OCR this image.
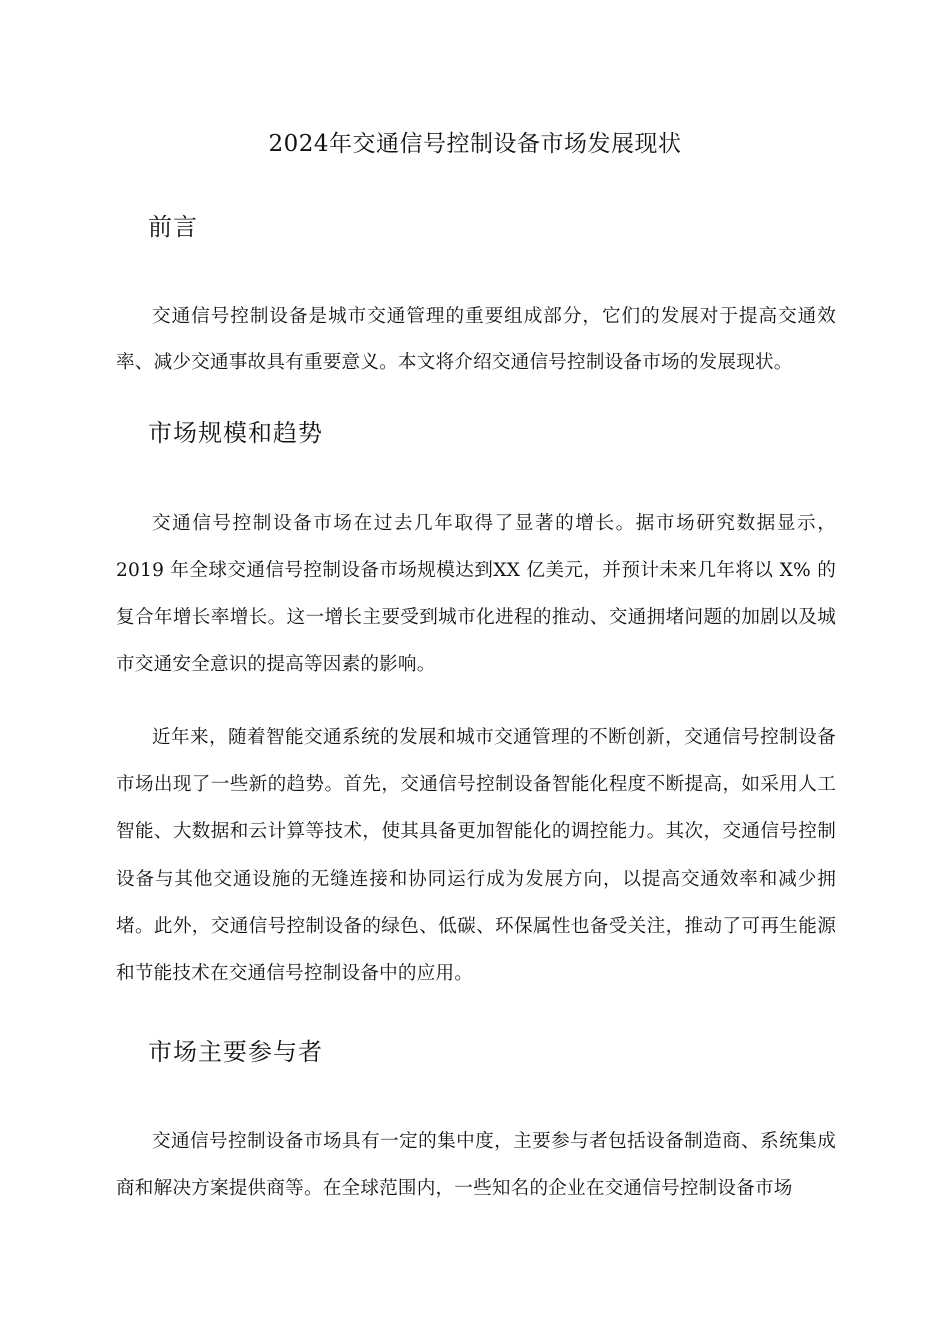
2024年交通信号控制设备市场发展现状
前言

交通信号控制设备是城市交通管理的重要组成部分，它们的发展对于提高交通效率、减少交通事故具有重要意义。本文将介绍交通信号控制设备市场的发展现状。

市场规模和趋势

交通信号控制设备市场在过去几年取得了显著的增长。据市场研究数据显示，2019 年全球交通信号控制设备市场规模达到XX 亿美元，并预计未来几年将以 X% 的复合年增长率增长。这一增长主要受到城市化进程的推动、交通拥堵问题的加剧以及城市交通安全意识的提高等因素的影响。

近年来，随着智能交通系统的发展和城市交通管理的不断创新，交通信号控制设备市场出现了一些新的趋势。首先，交通信号控制设备智能化程度不断提高，如采用人工智能、大数据和云计算等技术，使其具备更加智能化的调控能力。其次，交通信号控制设备与其他交通设施的无缝连接和协同运行成为发展方向，以提高交通效率和减少拥堵。此外，交通信号控制设备的绿色、低碳、环保属性也备受关注，推动了可再生能源和节能技术在交通信号控制设备中的应用。

市场主要参与者

交通信号控制设备市场具有一定的集中度，主要参与者包括设备制造商、系统集成商和解决方案提供商等。在全球范围内，一些知名的企业在交通信号控制设备市场
